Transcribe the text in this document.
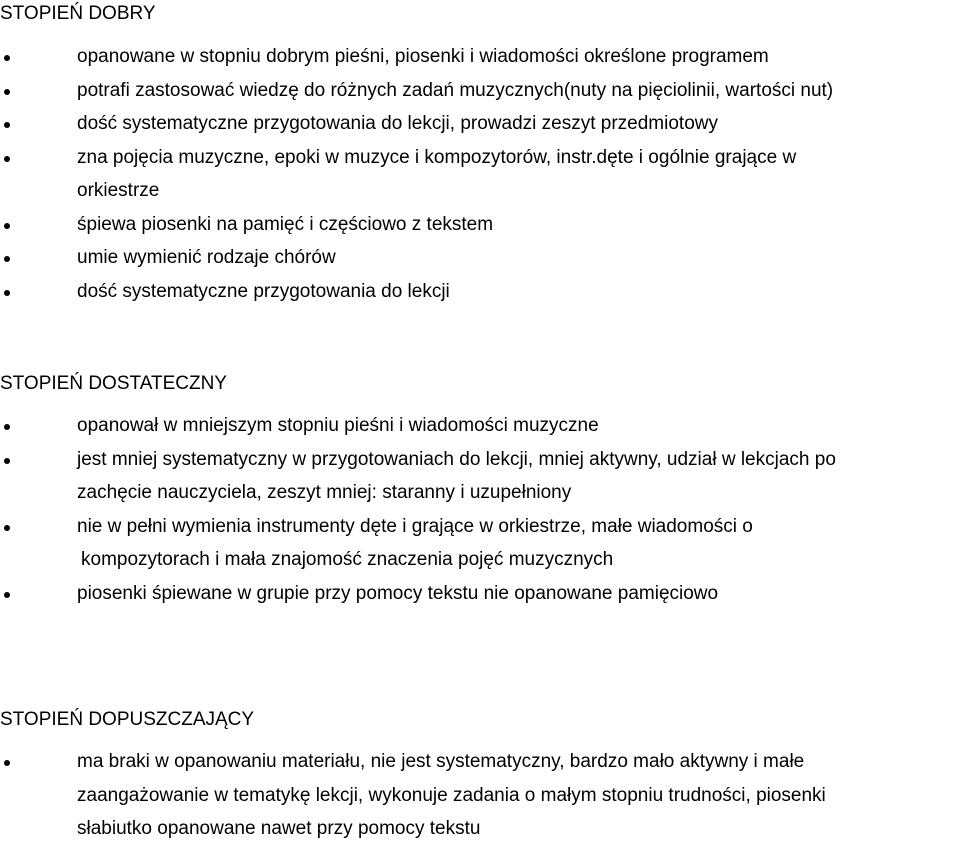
STOPIEŃ DOBRY
opanowane w stopniu dobrym pieśni, piosenki i wiadomości określone programem
potrafi zastosować wiedzę do różnych zadań muzycznych(nuty na pięciolinii, wartości nut)
dość systematyczne przygotowania do lekcji, prowadzi zeszyt przedmiotowy
zna pojęcia muzyczne, epoki w muzyce i kompozytorów, instr.dęte i ogólnie grające w
orkiestrze
śpiewa piosenki na pamięć i częściowo z tekstem
umie wymienić rodzaje chórów
dość systematyczne przygotowania do lekcji
STOPIEŃ DOSTATECZNY
opanował w mniejszym stopniu pieśni i wiadomości muzyczne
jest mniej systematyczny w przygotowaniach do lekcji, mniej aktywny, udział w lekcjach po
zachęcie nauczyciela, zeszyt mniej: staranny i uzupełniony
nie w pełni wymienia instrumenty dęte i grające w orkiestrze, małe wiadomości o
kompozytorach i mała znajomość znaczenia pojęć muzycznych
piosenki śpiewane w grupie przy pomocy tekstu nie opanowane pamięciowo
STOPIEŃ DOPUSZCZAJĄCY
ma braki w opanowaniu materiału, nie jest systematyczny, bardzo mało aktywny i małe
zaangażowanie w tematykę lekcji, wykonuje zadania o małym stopniu trudności, piosenki
słabiutko opanowane nawet przy pomocy tekstu
